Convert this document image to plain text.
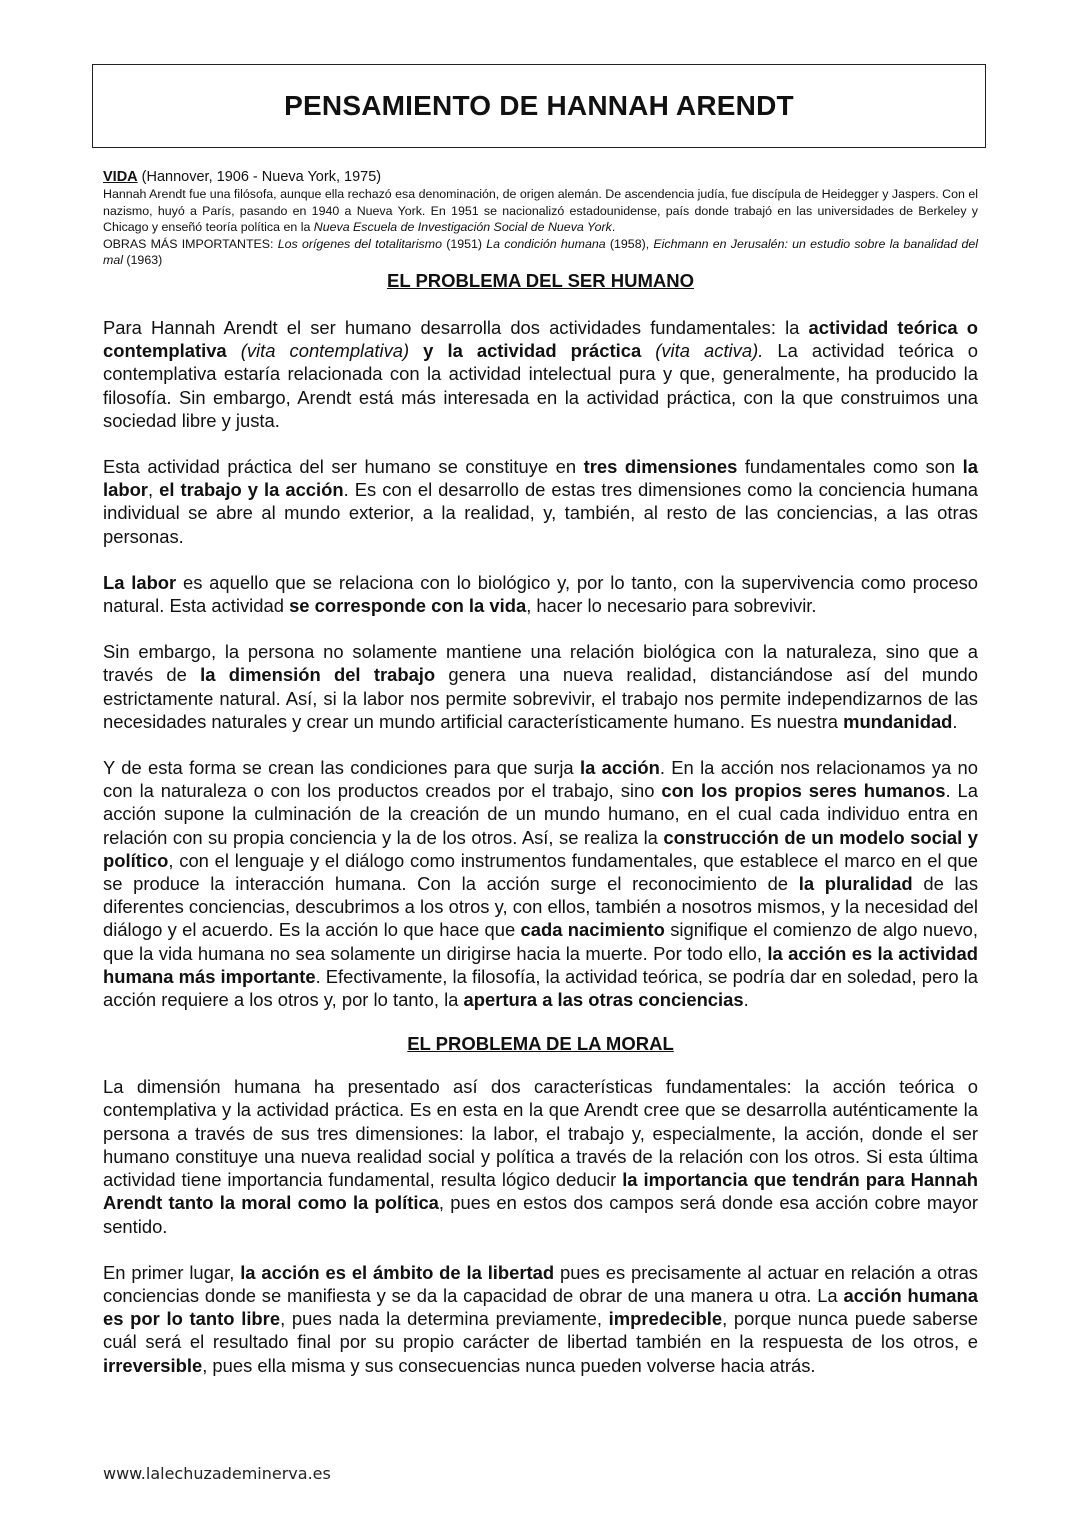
PENSAMIENTO DE HANNAH ARENDT
VIDA (Hannover, 1906 - Nueva York, 1975)
Hannah Arendt fue una filósofa, aunque ella rechazó esa denominación, de origen alemán. De ascendencia judía, fue discípula de Heidegger y Jaspers. Con el nazismo, huyó a París, pasando en 1940 a Nueva York. En 1951 se nacionalizó estadounidense, país donde trabajó en las universidades de Berkeley y Chicago y enseñó teoría política en la Nueva Escuela de Investigación Social de Nueva York.
OBRAS MÁS IMPORTANTES: Los orígenes del totalitarismo (1951) La condición humana (1958), Eichmann en Jerusalén: un estudio sobre la banalidad del mal (1963)
EL PROBLEMA DEL SER HUMANO

Para Hannah Arendt el ser humano desarrolla dos actividades fundamentales: la actividad teórica o contemplativa (vita contemplativa) y la actividad práctica (vita activa). La actividad teórica o contemplativa estaría relacionada con la actividad intelectual pura y que, generalmente, ha producido la filosofía. Sin embargo, Arendt está más interesada en la actividad práctica, con la que construimos una sociedad libre y justa.

Esta actividad práctica del ser humano se constituye en tres dimensiones fundamentales como son la labor, el trabajo y la acción. Es con el desarrollo de estas tres dimensiones como la conciencia humana individual se abre al mundo exterior, a la realidad, y, también, al resto de las conciencias, a las otras personas.

La labor es aquello que se relaciona con lo biológico y, por lo tanto, con la supervivencia como proceso natural. Esta actividad se corresponde con la vida, hacer lo necesario para sobrevivir.

Sin embargo, la persona no solamente mantiene una relación biológica con la naturaleza, sino que a través de la dimensión del trabajo genera una nueva realidad, distanciándose así del mundo estrictamente natural. Así, si la labor nos permite sobrevivir, el trabajo nos permite independizarnos de las necesidades naturales y crear un mundo artificial característicamente humano. Es nuestra mundanidad.

Y de esta forma se crean las condiciones para que surja la acción. En la acción nos relacionamos ya no con la naturaleza o con los productos creados por el trabajo, sino con los propios seres humanos. La acción supone la culminación de la creación de un mundo humano, en el cual cada individuo entra en relación con su propia conciencia y la de los otros. Así, se realiza la construcción de un modelo social y político, con el lenguaje y el diálogo como instrumentos fundamentales, que establece el marco en el que se produce la interacción humana. Con la acción surge el reconocimiento de la pluralidad de las diferentes conciencias, descubrimos a los otros y, con ellos, también a nosotros mismos, y la necesidad del diálogo y el acuerdo. Es la acción lo que hace que cada nacimiento signifique el comienzo de algo nuevo, que la vida humana no sea solamente un dirigirse hacia la muerte. Por todo ello, la acción es la actividad humana más importante. Efectivamente, la filosofía, la actividad teórica, se podría dar en soledad, pero la acción requiere a los otros y, por lo tanto, la apertura a las otras conciencias.

EL PROBLEMA DE LA MORAL

La dimensión humana ha presentado así dos características fundamentales: la acción teórica o contemplativa y la actividad práctica. Es en esta en la que Arendt cree que se desarrolla auténticamente la persona a través de sus tres dimensiones: la labor, el trabajo y, especialmente, la acción, donde el ser humano constituye una nueva realidad social y política a través de la relación con los otros. Si esta última actividad tiene importancia fundamental, resulta lógico deducir la importancia que tendrán para Hannah Arendt tanto la moral como la política, pues en estos dos campos será donde esa acción cobre mayor sentido.

En primer lugar, la acción es el ámbito de la libertad pues es precisamente al actuar en relación a otras conciencias donde se manifiesta y se da la capacidad de obrar de una manera u otra. La acción humana es por lo tanto libre, pues nada la determina previamente, impredecible, porque nunca puede saberse cuál será el resultado final por su propio carácter de libertad también en la respuesta de los otros, e irreversible, pues ella misma y sus consecuencias nunca pueden volverse hacia atrás.

www.lalechuzademinerva.es
